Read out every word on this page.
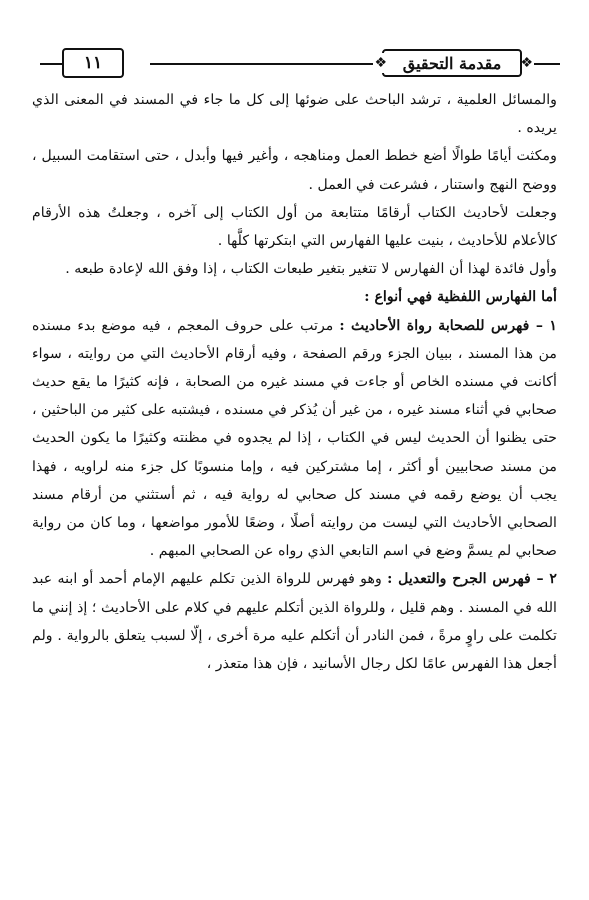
❖
مقدمة التحقيق
❖
١١

والمسائل العلمية ، ترشد الباحث على ضوئها إلى كل ما جاء في المسند في المعنى الذي يريده .

ومكثت أيامًا طوالًا أضع خطط العمل ومناهجه ، وأغير فيها وأبدل ، حتى استقامت السبيل ، ووضح النهج واستنار ، فشرعت في العمل .

وجعلت لأحاديث الكتاب أرقامًا متتابعة من أول الكتاب إلى آخره ، وجعلتُ هذه الأرقام كالأعلام للأحاديث ، بنيت عليها الفهارس التي ابتكرتها كلَّها .

وأول فائدة لهذا أن الفهارس لا تتغير بتغير طبعات الكتاب ، إذا وفق الله لإعادة طبعه .

أما الفهارس اللفظية فهي أنواع :

١ – فهرس للصحابة رواة الأحاديث : مرتب على حروف المعجم ، فيه موضع بدء مسنده من هذا المسند ، ببيان الجزء ورقم الصفحة ، وفيه أرقام الأحاديث التي من روايته ، سواء أكانت في مسنده الخاص أو جاءت في مسند غيره من الصحابة ، فإنه كثيرًا ما يقع حديث صحابي في أثناء مسند غيره ، من غير أن يُذكر في مسنده ، فيشتبه على كثير من الباحثين ، حتى يظنوا أن الحديث ليس في الكتاب ، إذا لم يجدوه في مظنته وكثيرًا ما يكون الحديث من مسند صحابيين أو أكثر ، إما مشتركين فيه ، وإما منسوبًا كل جزء منه لراويه ، فهذا يجب أن يوضع رقمه في مسند كل صحابي له رواية فيه ، ثم أستثني من أرقام مسند الصحابي الأحاديث التي ليست من روايته أصلًا ، وضعًا للأمور مواضعها ، وما كان من رواية صحابي لم يسمَّ وضع في اسم التابعي الذي رواه عن الصحابي المبهم .

٢ – فهرس الجرح والتعديل : وهو فهرس للرواة الذين تكلم عليهم الإمام أحمد أو ابنه عبد الله في المسند . وهم قليل ، وللرواة الذين أتكلم عليهم في كلام على الأحاديث ؛ إذ إنني ما تكلمت على راوٍ مرةً ، فمن النادر أن أتكلم عليه مرة أخرى ، إلّا لسبب يتعلق بالرواية . ولم أجعل هذا الفهرس عامًا لكل رجال الأسانيد ، فإن هذا متعذر ،
